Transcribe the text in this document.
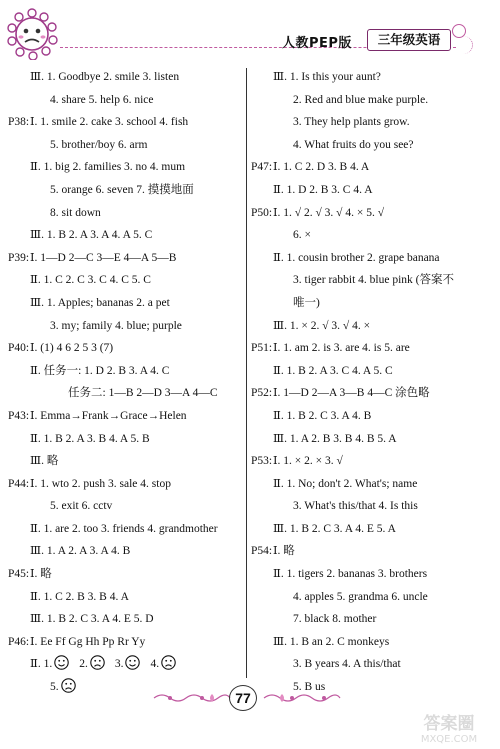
人教PEP版	三年级英语
Ⅲ. 1. Goodbye 2. smile 3. listen
4. share 5. help 6. nice
P38: Ⅰ. 1. smile 2. cake 3. school 4. fish
5. brother/boy 6. arm
Ⅱ. 1. big 2. families 3. no 4. mum
5. orange 6. seven 7. 摸摸地面
8. sit down
Ⅲ. 1. B 2. A 3. A 4. A 5. C
P39: Ⅰ. 1—D 2—C 3—E 4—A 5—B
Ⅱ. 1. C 2. C 3. C 4. C 5. C
Ⅲ. 1. Apples; bananas 2. a pet
3. my; family 4. blue; purple
P40: Ⅰ. (1) 4 6 2 5 3 (7)
Ⅱ. 任务一: 1. D 2. B 3. A 4. C
任务二: 1—B 2—D 3—A 4—C
P43: Ⅰ. Emma→Frank→Grace→Helen
Ⅱ. 1. B 2. A 3. B 4. A 5. B
Ⅲ. 略
P44: Ⅰ. 1. wto 2. push 3. sale 4. stop
5. exit 6. cctv
Ⅱ. 1. are 2. too 3. friends 4. grandmother
Ⅲ. 1. A 2. A 3. A 4. B
P45: Ⅰ. 略
Ⅱ. 1. C 2. B 3. B 4. A
Ⅲ. 1. B 2. C 3. A 4. E 5. D
P46: Ⅰ. Ee Ff Gg Hh Pp Rr Yy
Ⅱ. 1. 2. 3. 4.
5.
Ⅲ. 1. Is this your aunt?
2. Red and blue make purple.
3. They help plants grow.
4. What fruits do you see?
P47: Ⅰ. 1. C 2. D 3. B 4. A
Ⅱ. 1. D 2. B 3. C 4. A
P50: Ⅰ. 1. √ 2. √ 3. √ 4. × 5. √
6. ×
Ⅱ. 1. cousin brother 2. grape banana
3. tiger rabbit 4. blue pink (答案不
唯一)
Ⅲ. 1. × 2. √ 3. √ 4. ×
P51: Ⅰ. 1. am 2. is 3. are 4. is 5. are
Ⅱ. 1. B 2. A 3. C 4. A 5. C
P52: Ⅰ. 1—D 2—A 3—B 4—C 涂色略
Ⅱ. 1. B 2. C 3. A 4. B
Ⅲ. 1. A 2. B 3. B 4. B 5. A
P53: Ⅰ. 1. × 2. × 3. √
Ⅱ. 1. No; don't 2. What's; name
3. What's this/that 4. Is this
Ⅲ. 1. B 2. C 3. A 4. E 5. A
P54: Ⅰ. 略
Ⅱ. 1. tigers 2. bananas 3. brothers
4. apples 5. grandma 6. uncle
7. black 8. mother
Ⅲ. 1. B an 2. C monkeys
3. B years 4. A this/that
5. B us
77
答案圈
MXQE.COM
